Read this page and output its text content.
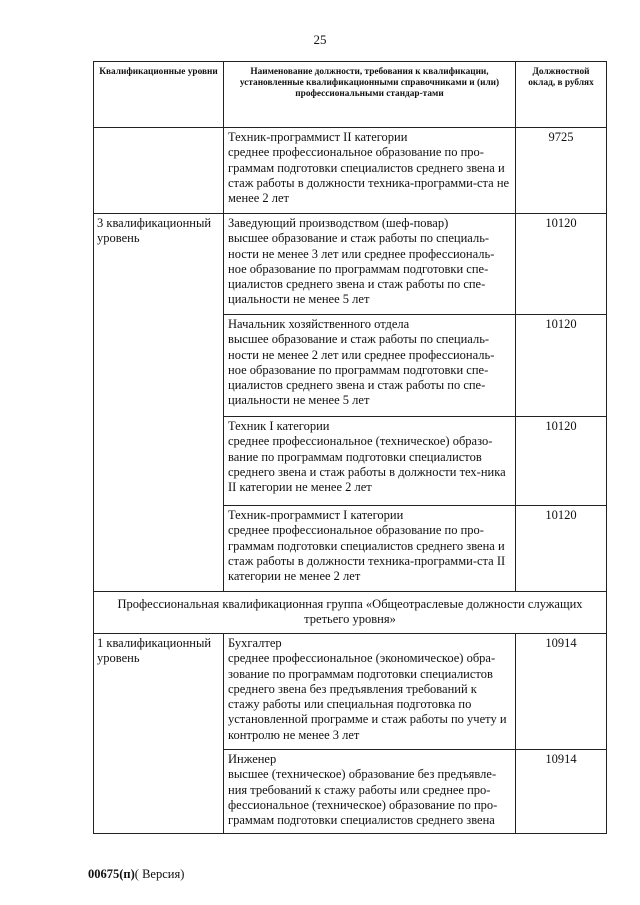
25
Квалификационные уровни	Наименование должности, требования к квалификации, установленные квалификационными справочниками и (или) профессиональными стандар-тами	Должностной оклад, в рублях

	Техник-программист II категории
среднее профессиональное образование по про-граммам подготовки специалистов среднего звена и стаж работы в должности техника-программи-ста не менее 2 лет	9725
3 квалификационный уровень	Заведующий производством (шеф-повар)
высшее образование и стаж работы по специаль-ности не менее 3 лет или среднее профессиональ-ное образование по программам подготовки спе-циалистов среднего звена и стаж работы по спе-циальности не менее 5 лет	10120

	Начальник хозяйственного отдела
высшее образование и стаж работы по специаль-ности не менее 2 лет или среднее профессиональ-ное образование по программам подготовки спе-циалистов среднего звена и стаж работы по спе-циальности не менее 5 лет	10120

	Техник I категории
среднее профессиональное (техническое) образо-вание по программам подготовки специалистов среднего звена и стаж работы в должности тех-ника II категории не менее 2 лет	10120

	Техник-программист I категории
среднее профессиональное образование по про-граммам подготовки специалистов среднего звена и стаж работы в должности техника-программи-ста II категории не менее 2 лет	10120
Профессиональная квалификационная группа «Общеотраслевые должности служащих третьего уровня»		
1 квалификационный уровень	Бухгалтер
среднее профессиональное (экономическое) обра-зование по программам подготовки специалистов среднего звена без предъявления требований к стажу работы или специальная подготовка по установленной программе и стаж работы по учету и контролю не менее 3 лет	10914

	Инженер
высшее (техническое) образование без предъявле-ния требований к стажу работы или среднее про-фессиональное (техническое) образование по про-граммам подготовки специалистов среднего звена	10914
00675(п)( Версия)
